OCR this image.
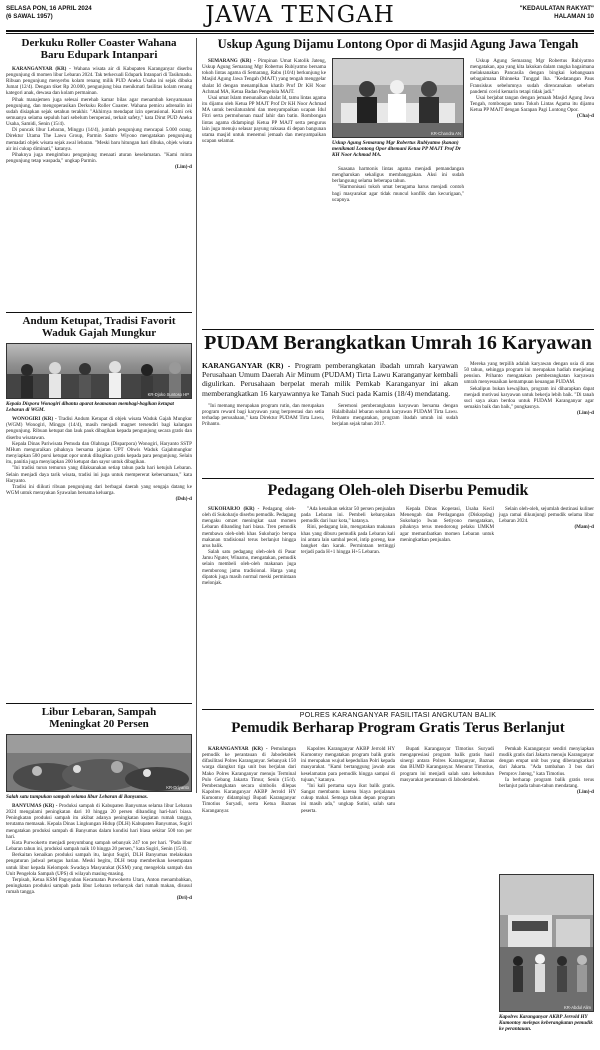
SELASA PON, 16 APRIL 2024
(6 SAWAL 1957)	JAWA TENGAH	"KEDAULATAN RAKYAT"
HALAMAN 10
Derkuku Roller Coaster Wahana Baru Edupark Intanpari

KARANGANYAR (KR) - Wahana wisata air di Kabupaten Karanganyar diserbu pengunjung di momen libur Lebaran 2024. Tak terkecuali Edupark Intanpari di Tasikmadu. Ribuan pengunjung menyerbu kolam renang milik PUD Aneka Usaha ini sejak dibuka Jumat (12/4). Dengan tiket Rp 20.000, pengunjung bisa menikmati fasilitas kolam renang kategori anak, dewasa dan kolam permainan.

Pihak manajemen juga selesai merehab kamar bilas agar menambah kenyamanan pengunjung, dan mengoperasikan Derkuku Roller Coaster. Wahana pemicu adrenalin ini sudah disiapkan sejak setahun terakhir. "Akhirnya mendapat izin operasional. Kami cek semuanya selama sepuluh hari sebelum beroperasi, terkait safety," kata Dirut PUD Aneka Usaha, Samidi, Senin (15/4).

Di puncak libur Lebaran, Minggu (14/4), jumlah pengunjung mencapai 5.000 orang. Direktur Utama The Lawu Group, Parmin Sastro Wiyono mengatakan pengunjung memadati objek wisata sejak awal lebaran. "Meski baru hitungan hari dibuka, objek wisata air ini cukup diminati," katanya.

Pihaknya juga mengimbau pengunjung menaati aturan keselamatan. "Kami minta pengunjung tetap waspada," ungkap Parmin.

(Lim)-d
Andum Ketupat, Tradisi Favorit Waduk Gajah Mungkur
KR-Djoko Suntoso HP
Kepala Dispora Wonogiri dibantu aparat keamanan membagi-bagikan ketupat Lebaran di WGM.

WONOGIRI (KR) - Tradisi Andum Ketupat di objek wisata Waduk Gajah Mungkur (WGM) Wonogiri, Minggu (14/4), masih menjadi magnet tersendiri bagi kalangan pengunjung. Ribuan ketupat dan lauk pauk dibagikan kepada pengunjung secara gratis dan diserbu wisatawan.

Kepala Dinas Pariwisata Pemuda dan Olahraga (Disparpora) Wonogiri, Haryanto SSTP MHum menguraikan pihaknya bersama jajaran UPT Obwis Waduk Gajahmungkur menyiapkan 500 porsi ketupat opor untuk dibagikan gratis kepada para pengunjung. Selain itu, panitia juga menyiapkan 200 ketupat dan sayur untuk dibagikan.

"Ini tradisi turun temurun yang dilaksanakan setiap tahun pada hari ketujuh Lebaran. Selain menjadi daya tarik wisata, tradisi ini juga untuk mempererat kebersamaan," kata Haryanto.

Tradisi ini diikuti ribuan pengunjung dari berbagai daerah yang sengaja datang ke WGM untuk merayakan Syawalan bersama keluarga.

(Dsh)-d
Libur Lebaran, Sampah Meningkat 20 Persen
KR-Driyanto
Salah satu tumpukan sampah selama libur Lebaran di Banyumas.

BANYUMAS (KR) - Produksi sampah di Kabupaten Banyumas selama libur Lebaran 2024 mengalami peningkatan dari 10 hingga 20 persen dibanding hari-hari biasa. Peningkatan produksi sampah itu akibat adanya peningkatan kegiatan rumah tangga, terutama memasak. Kepala Dinas Lingkungan Hidup (DLH) Kabupaten Banyumas, Sugiri mengatakan produksi sampah di Banyumas dalam kondisi hari biasa sekitar 500 ton per hari.

Kota Purwokerto menjadi penyumbang sampah sebanyak 247 ton per hari. "Pada libur Lebaran tahun ini, produksi sampah naik 10 hingga 20 persen," kata Sugiri, Senin (15/4).

Berkaitan kenaikan produksi sampah itu, lanjut Sugiri, DLH Banyumas melakukan pengaturan jadwal petugas harian. Meski begitu, DLH tetap memberikan kesempatan untuk libur kepada Kelompok Swadaya Masyarakat (KSM) yang mengelola sampah dan Unit Pengelola Sampah (UPS) di wilayah masing-masing.

Terpisah, Ketua KSM Paguyuban Kecamatan Purwokerto Utara, Anton menambahkan, peningkatan produksi sampah pada libur Lebaran terbanyak dari rumah makan, disusul rumah tangga.

(Dri)-d
Uskup Agung Dijamu Lontong Opor di Masjid Agung Jawa Tengah

SEMARANG (KR) - Pimpinan Umat Katolik Jateng, Uskup Agung Semarang Mgr Robertus Rubiyatmo bersama tokoh lintas agama di Semarang, Rabu (10/4) berkunjung ke Masjid Agung Jawa Tengah (MAJT) yang tengah menggelar shalat Id dengan menampilkan khatib Prof Dr KH Noor Achmad MA, Ketua Badan Pengelola MAJT.

Usai umat Islam menunaikan shalat Id, tamu lintas agama itu dijamu oleh Ketua PP MAJT Prof Dr KH Noor Achmad MA untuk bersilaturahmi dan menyampaikan ucapan Idul Fitri serta permohonan maaf lahir dan batin. Rombongan lintas agama didampingi Ketua PP MAJT serta pengurus lain juga menuju selasar payung raksasa di depan bangunan utama masjid untuk menemui jemaah dan menyampaikan ucapan selamat.

KR-Chandra AN
Uskup Agung Semarang Mgr Robertus Rubiyatmo (kanan) menikmati Lontong Opor ditemani Ketua PP MAJT Prof Dr KH Noor Achmad MA.

Suasana harmonis lintas agama menjadi pemandangan mengharukan sekaligus membanggakan. Aksi ini sudah berlangsung selama beberapa tahun.

"Harmonisasi tokoh umat beragama harus menjadi contoh bagi masyarakat agar tidak muncul konflik dan kecurigaan," ucapnya.

Uskup Agung Semarang Mgr Robertus Rubiyatmo mengatakan, apa yang kita lakukan dalam rangka bagaimana melaksanakan Pancasila dengan bingkai kebangsaan sebagaimana Bhinneka Tunggal Ika. "Kedatangan Paus Fransiskus sebelumnya sudah direncanakan sebelum pandemi covid kemarin tetapi tidak jadi."

Usai berjabat tangan dengan jemaah Masjid Agung Jawa Tengah, rombongan tamu Tokoh Lintas Agama itu dijamu Ketua PP MAJT dengan Sarapan Pagi Lontong Opor.

(Cha)-d
PUDAM Berangkatkan Umrah 16 Karyawan
KARANGANYAR (KR) - Program pemberangkatan ibadah umrah karyawan Perusahaan Umum Daerah Air Minum (PUDAM) Tirta Lawu Karanganyar kembali digulirkan. Perusahaan berpelat merah milik Pemkab Karanganyar ini akan memberangkatkan 16 karyawannya ke Tanah Suci pada Kamis (18/4) mendatang.

"Ini memang merupakan program rutin, dan merupakan program reward bagi karyawan yang berprestasi dan setia terhadap perusahaan," kata Direktur PUDAM Tirta Lawu, Prihanto.

Seremoni pemberangkatan karyawan bersama dengan Halalbihalal lebaran seluruh karyawan PUDAM Tirta Lawu. Prihanto mengatakan, program ibadah umrah ini sudah berjalan sejak tahun 2017.

Mereka yang terpilih adalah karyawan dengan usia di atas 50 tahun, sehingga program ini merupakan hadiah menjelang pensiun. Prihanto mengatakan pemberangkatan karyawan umrah menyesuaikan kemampuan keuangan PUDAM.

Sekalipun bukan kewajiban, program ini diharapkan dapat menjadi motivasi karyawan untuk bekerja lebih baik. "Di tanah suci saya akan berdoa untuk PUDAM Karanganyar agar semakin baik dan baik," pungkasnya.

(Lim)-d
Pedagang Oleh-oleh Diserbu Pemudik

SUKOHARJO (KR) - Pedagang oleh-oleh di Sukoharjo diserbu pemudik. Pedagang mengaku omzet meningkat saat momen Lebaran dibanding hari biasa. Tren pemudik membawa oleh-oleh khas Sukoharjo berupa makanan tradisional terus berlanjut hingga arus balik.

Salah satu pedagang oleh-oleh di Pasar Jamu Nguter, Winarno, mengatakan, pemudik selain membeli oleh-oleh makanan juga memborong jamu tradisional. Harga yang dipatok juga masih normal meski permintaan melonjak.

"Ada kenaikan sekitar 50 persen penjualan pada Lebaran ini. Pembeli kebanyakan pemudik dari luar kota," katanya.

Rini, pedagang lain, mengatakan makanan khas yang diburu pemudik pada Lebaran kali ini antara lain sambal pecel, intip goreng, kue bangket dan karak. Permintaan tertinggi terjadi pada H+1 hingga H+5 Lebaran.

Kepala Dinas Koperasi, Usaha Kecil Menengah dan Perdagangan (Diskopdag) Sukoharjo Iwan Setiyono mengatakan, pihaknya terus mendorong pelaku UMKM agar memanfaatkan momen Lebaran untuk meningkatkan penjualan.

Selain oleh-oleh, sejumlah destinasi kuliner juga ramai dikunjungi pemudik selama libur Lebaran 2024.

(Mam)-d
POLRES KARANGANYAR FASILITASI ANGKUTAN BALIK
Pemudik Berharap Program Gratis Terus Berlanjut

KARANGANYAR (KR) - Pemulangan pemudik ke perantauan di Jabodetabek difasilitasi Polres Karanganyar. Sebanyak 150 warga diangkut tiga unit bus berjalan dari Mako Polres Karanganyar menuju Terminal Pulo Gebang Jakarta Timur, Senin (15/4). Pemberangkatan secara simbolis dilepas Kapolres Karanganyar AKBP Jerrold HY Kumontoy didampingi Bupati Karanganyar Timotius Suryadi, serta Ketua Baznas Karanganyar.

Kapolres Karanganyar AKBP Jerrold HY Kumontoy mengatakan program balik gratis ini merupakan wujud kepedulian Polri kepada masyarakat. "Kami bertanggung jawab atas keselamatan para pemudik hingga sampai di tujuan," katanya.

"Ini kali pertama saya ikut balik gratis. Sangat membantu karena biaya perjalanan cukup mahal. Semoga tahun depan program ini masih ada," ungkap Sutini, salah satu peserta.

Bupati Karanganyar Timotius Suryadi mengapresiasi program balik gratis hasil sinergi antara Polres Karanganyar, Baznas dan BUMD Karanganyar. Menurut Timotius, program ini menjadi salah satu kebutuhan masyarakat perantauan di Jabodetabek.

Pemkab Karanganyar sendiri menyiapkan mudik gratis dari Jakarta menuju Karanganyar dengan empat unit bus yang diberangkatkan dari Jakarta. "Ada tambahan 3 bus dari Pemprov Jateng," kata Timotius.

Ia berharap program balik gratis terus berlanjut pada tahun-tahun mendatang.

(Lim)-d
KR-Abdul Alim
Kapolres Karanganyar AKBP Jerrold HY Kumontoy melepas keberangkatan pemudik ke perantauan.
